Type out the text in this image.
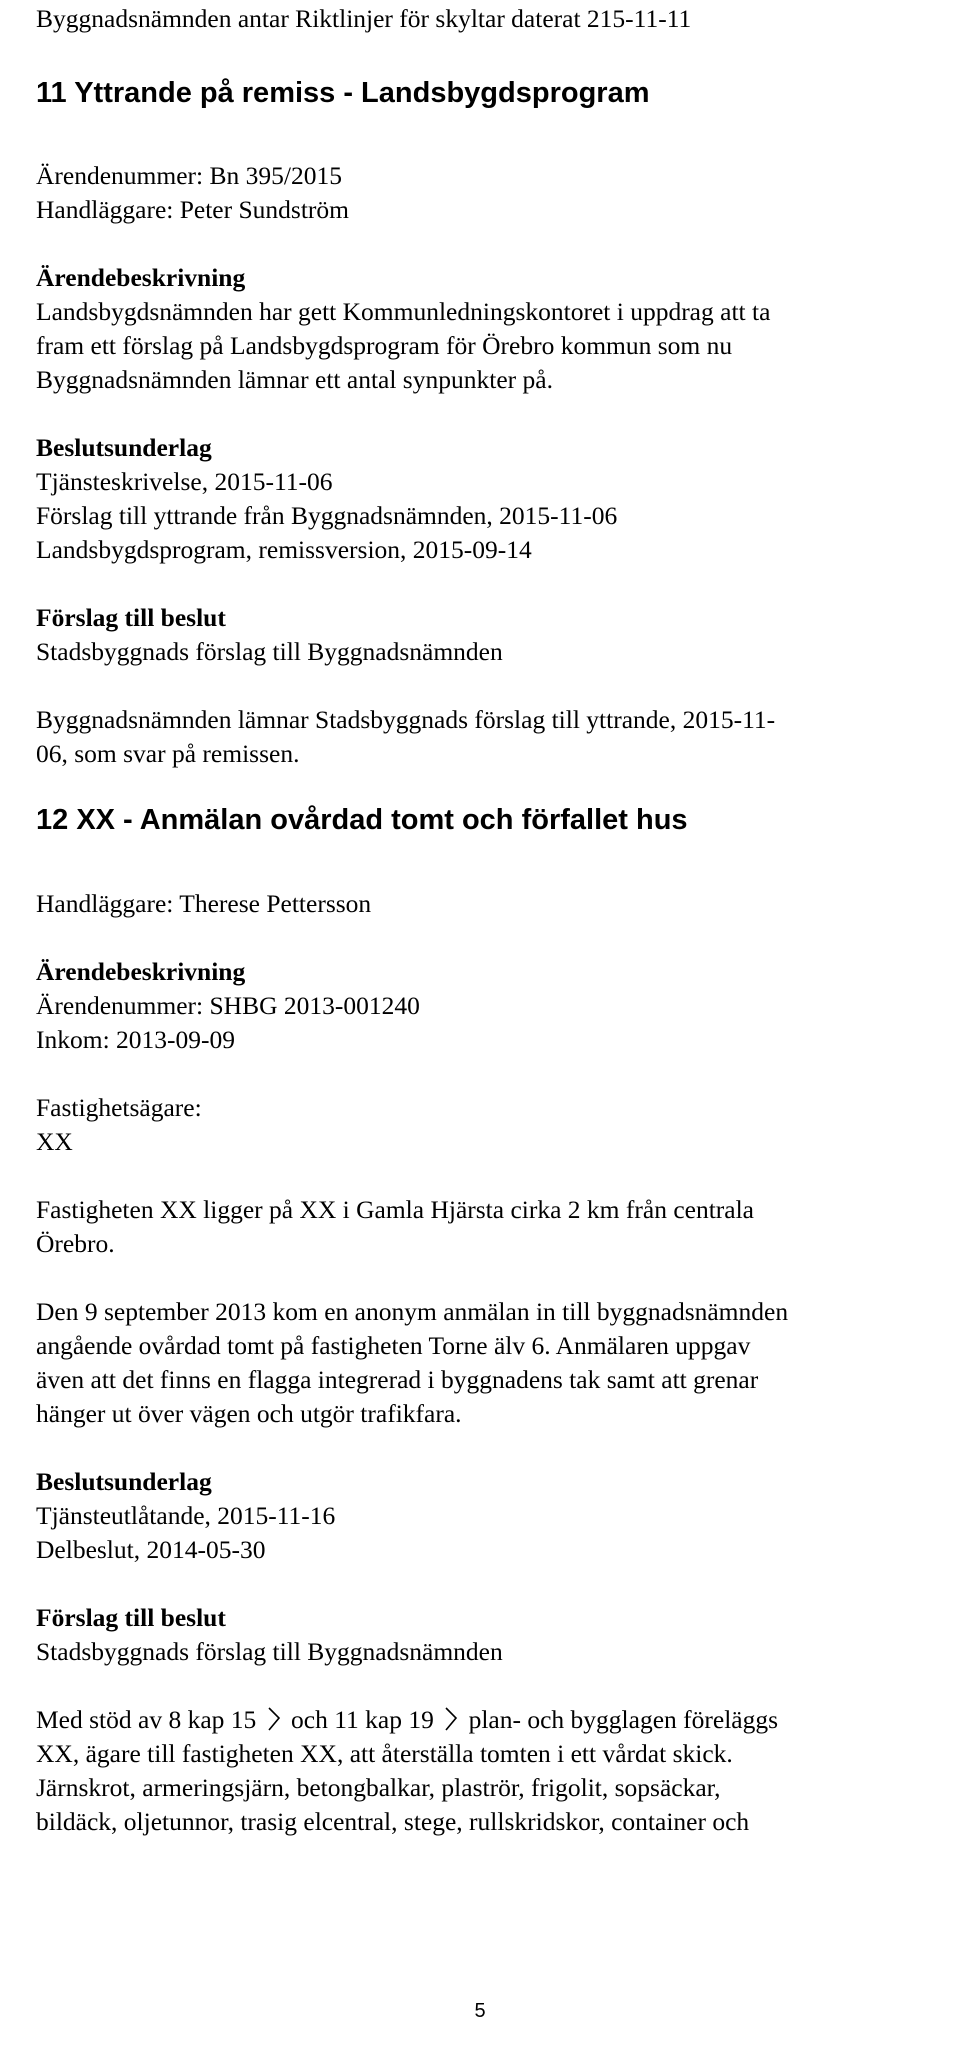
Byggnadsnämnden antar Riktlinjer för skyltar daterat 215-11-11
11 Yttrande på remiss - Landsbygdsprogram
Ärendenummer: Bn 395/2015
Handläggare: Peter Sundström
Ärendebeskrivning
Landsbygdsnämnden har gett Kommunledningskontoret i uppdrag att ta
fram ett förslag på Landsbygdsprogram för Örebro kommun som nu
Byggnadsnämnden lämnar ett antal synpunkter på.
Beslutsunderlag
Tjänsteskrivelse, 2015-11-06
Förslag till yttrande från Byggnadsnämnden, 2015-11-06
Landsbygdsprogram, remissversion, 2015-09-14
Förslag till beslut
Stadsbyggnads förslag till Byggnadsnämnden
Byggnadsnämnden lämnar Stadsbyggnads förslag till yttrande, 2015-11-
06, som svar på remissen.
12 XX - Anmälan ovårdad tomt och förfallet hus
Handläggare: Therese Pettersson
Ärendebeskrivning
Ärendenummer: SHBG 2013-001240
Inkom: 2013-09-09
Fastighetsägare:
XX
Fastigheten XX ligger på XX i Gamla Hjärsta cirka 2 km från centrala
Örebro.
Den 9 september 2013 kom en anonym anmälan in till byggnadsnämnden
angående ovårdad tomt på fastigheten Torne älv 6. Anmälaren uppgav
även att det finns en flagga integrerad i byggnadens tak samt att grenar
hänger ut över vägen och utgör trafikfara.
Beslutsunderlag
Tjänsteutlåtande, 2015-11-16
Delbeslut, 2014-05-30
Förslag till beslut
Stadsbyggnads förslag till Byggnadsnämnden
Med stöd av 8 kap 15 och 11 kap 19 plan- och bygglagen föreläggs
XX, ägare till fastigheten XX, att återställa tomten i ett vårdat skick.
Järnskrot, armeringsjärn, betongbalkar, plaströr, frigolit, sopsäckar,
bildäck, oljetunnor, trasig elcentral, stege, rullskridskor, container och
5
